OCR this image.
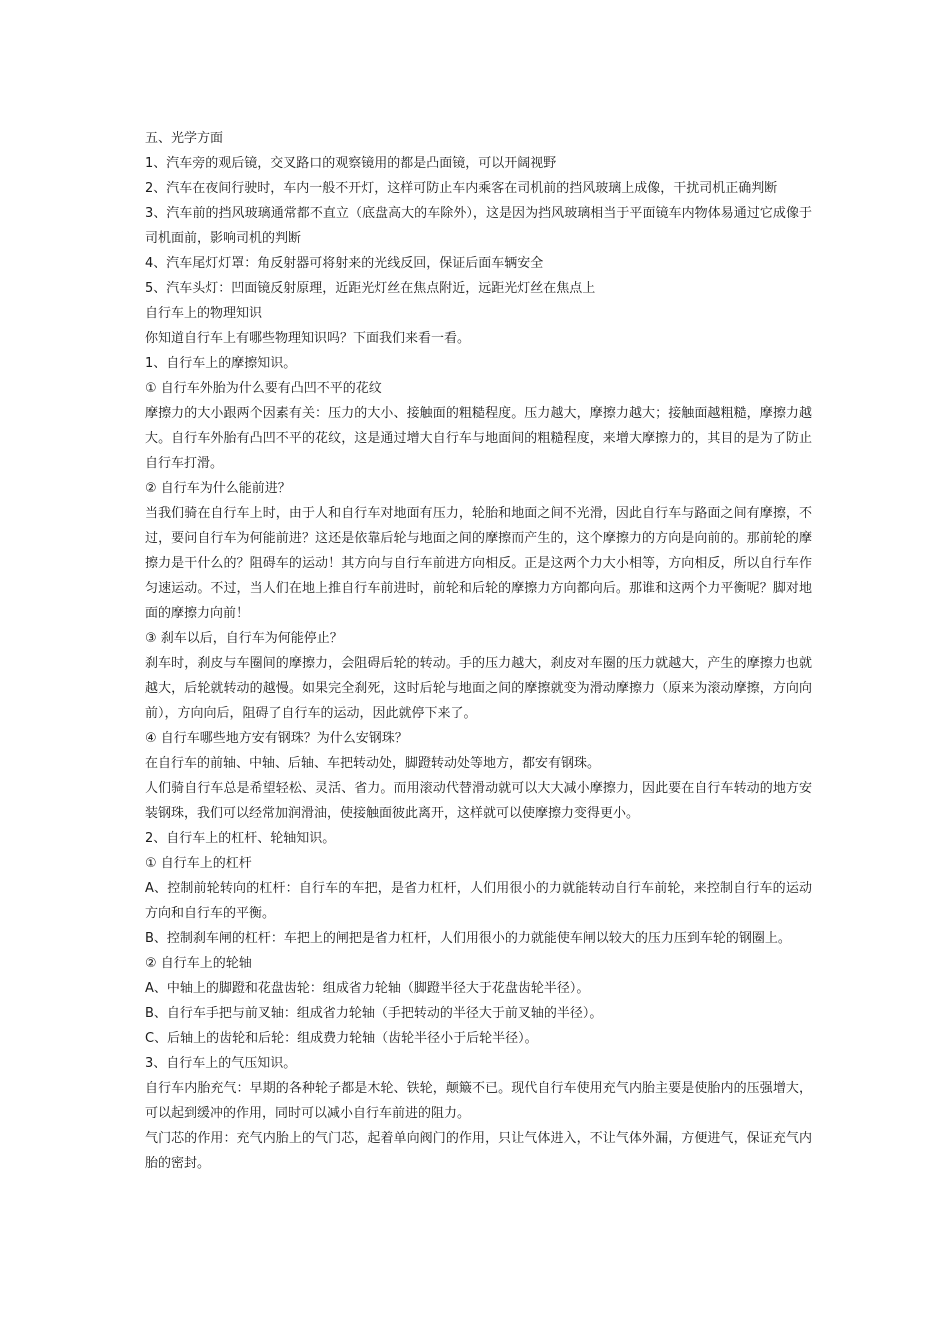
五、光学方面

1、汽车旁的观后镜，交叉路口的观察镜用的都是凸面镜，可以开阔视野

2、汽车在夜间行驶时，车内一般不开灯，这样可防止车内乘客在司机前的挡风玻璃上成像，干扰司机正确判断

3、汽车前的挡风玻璃通常都不直立（底盘高大的车除外），这是因为挡风玻璃相当于平面镜车内物体易通过它成像于司机面前，影响司机的判断

4、汽车尾灯灯罩：角反射器可将射来的光线反回，保证后面车辆安全

5、汽车头灯：凹面镜反射原理，近距光灯丝在焦点附近，远距光灯丝在焦点上

自行车上的物理知识

你知道自行车上有哪些物理知识吗？下面我们来看一看。

1、自行车上的摩擦知识。

① 自行车外胎为什么要有凸凹不平的花纹

摩擦力的大小跟两个因素有关：压力的大小、接触面的粗糙程度。压力越大，摩擦力越大；接触面越粗糙，摩擦力越大。自行车外胎有凸凹不平的花纹，这是通过增大自行车与地面间的粗糙程度，来增大摩擦力的，其目的是为了防止自行车打滑。

② 自行车为什么能前进？

当我们骑在自行车上时，由于人和自行车对地面有压力，轮胎和地面之间不光滑，因此自行车与路面之间有摩擦，不过，要问自行车为何能前进？这还是依靠后轮与地面之间的摩擦而产生的，这个摩擦力的方向是向前的。那前轮的摩擦力是干什么的？阻碍车的运动！其方向与自行车前进方向相反。正是这两个力大小相等，方向相反，所以自行车作匀速运动。不过，当人们在地上推自行车前进时，前轮和后轮的摩擦力方向都向后。那谁和这两个力平衡呢？脚对地面的摩擦力向前！

③ 刹车以后，自行车为何能停止？

刹车时，刹皮与车圈间的摩擦力，会阻碍后轮的转动。手的压力越大，刹皮对车圈的压力就越大，产生的摩擦力也就越大，后轮就转动的越慢。如果完全刹死，这时后轮与地面之间的摩擦就变为滑动摩擦力（原来为滚动摩擦，方向向前），方向向后，阻碍了自行车的运动，因此就停下来了。

④ 自行车哪些地方安有钢珠？为什么安钢珠？

在自行车的前轴、中轴、后轴、车把转动处，脚蹬转动处等地方，都安有钢珠。

人们骑自行车总是希望轻松、灵活、省力。而用滚动代替滑动就可以大大减小摩擦力，因此要在自行车转动的地方安装钢珠，我们可以经常加润滑油，使接触面彼此离开，这样就可以使摩擦力变得更小。

2、自行车上的杠杆、轮轴知识。

① 自行车上的杠杆

A、控制前轮转向的杠杆：自行车的车把，是省力杠杆，人们用很小的力就能转动自行车前轮，来控制自行车的运动方向和自行车的平衡。

B、控制刹车闸的杠杆：车把上的闸把是省力杠杆，人们用很小的力就能使车闸以较大的压力压到车轮的钢圈上。

② 自行车上的轮轴

A、中轴上的脚蹬和花盘齿轮：组成省力轮轴（脚蹬半径大于花盘齿轮半径）。

B、自行车手把与前叉轴：组成省力轮轴（手把转动的半径大于前叉轴的半径）。

C、后轴上的齿轮和后轮：组成费力轮轴（齿轮半径小于后轮半径）。

3、自行车上的气压知识。

自行车内胎充气：早期的各种轮子都是木轮、铁轮，颠簸不已。现代自行车使用充气内胎主要是使胎内的压强增大，可以起到缓冲的作用，同时可以减小自行车前进的阻力。

气门芯的作用：充气内胎上的气门芯，起着单向阀门的作用，只让气体进入，不让气体外漏，方便进气，保证充气内胎的密封。
